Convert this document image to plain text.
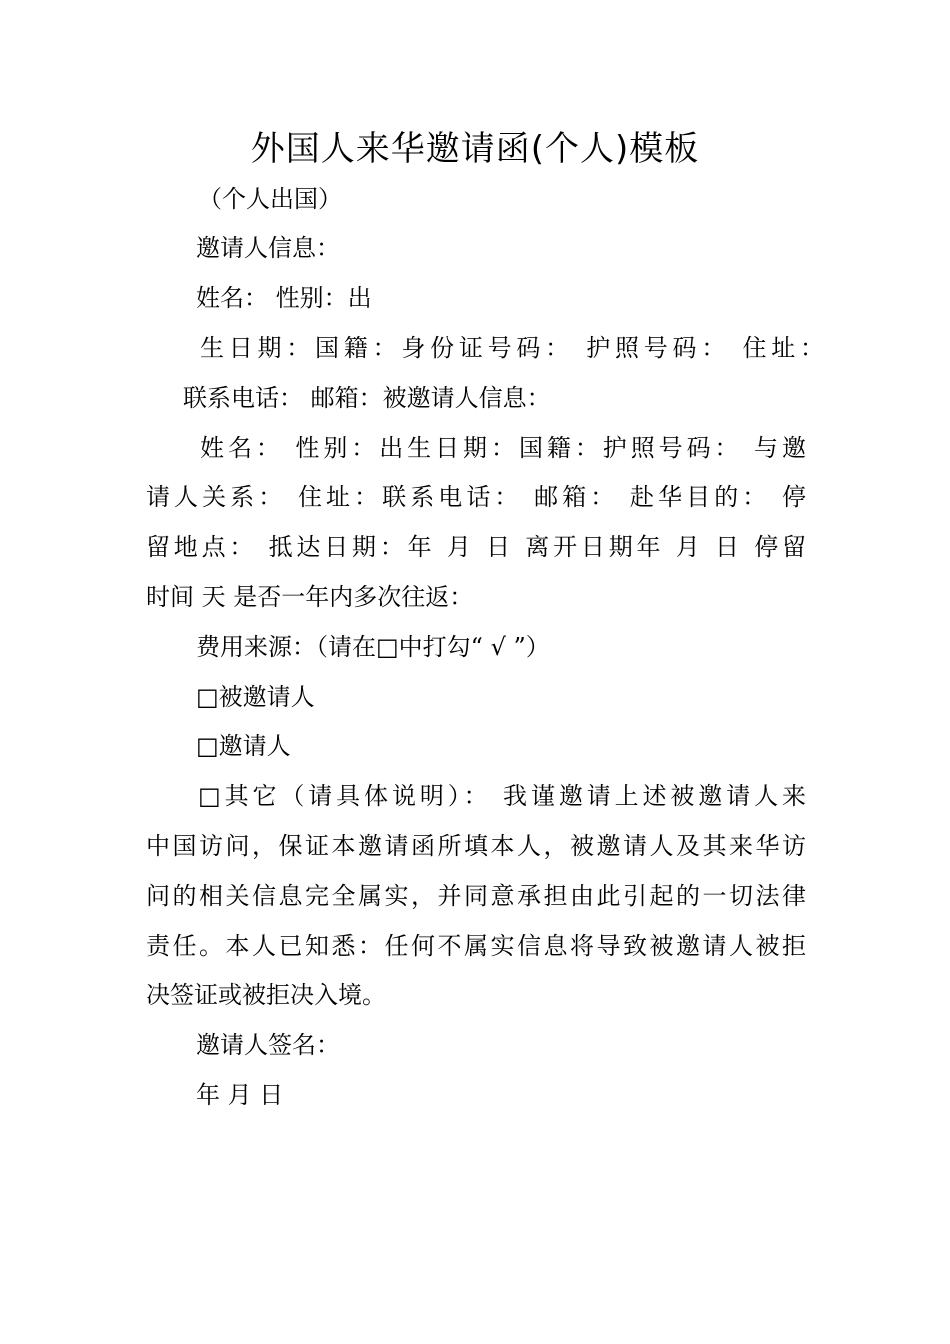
外国人来华邀请函(个人)模板
（个人出国）
邀请人信息：
姓名： 性别：出
生日期：国籍：身份证号码： 护照号码： 住址：
联系电话： 邮箱：被邀请人信息：
姓名： 性别：出生日期：国籍：护照号码： 与邀
请人关系： 住址：联系电话： 邮箱： 赴华目的： 停
留地点： 抵达日期：年 月 日 离开日期年 月 日 停留
时间 天 是否一年内多次往返：
费用来源：（请在□中打勾“ √ ”）
□被邀请人
□邀请人
□其它（请具体说明）： 我谨邀请上述被邀请人来
中国访问，保证本邀请函所填本人，被邀请人及其来华访
问的相关信息完全属实，并同意承担由此引起的一切法律
责任。本人已知悉：任何不属实信息将导致被邀请人被拒
决签证或被拒决入境。
邀请人签名：
年 月 日
